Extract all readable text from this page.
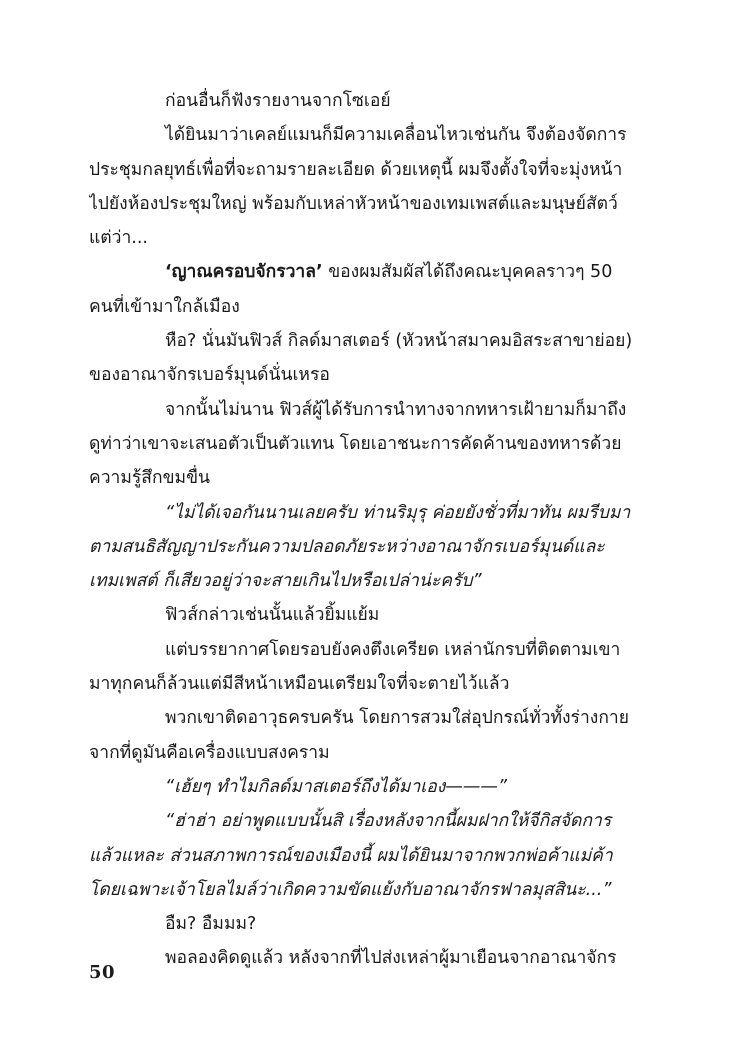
ก่อนอื่นก็ฟังรายงานจากโซเอย์
ได้ยินมาว่าเคลย์แมนก็มีความเคลื่อนไหวเช่นกัน จึงต้องจัดการ
ประชุมกลยุทธ์เพื่อที่จะถามรายละเอียด ด้วยเหตุนี้ ผมจึงตั้งใจที่จะมุ่งหน้า
ไปยังห้องประชุมใหญ่ พร้อมกับเหล่าหัวหน้าของเทมเพสต์และมนุษย์สัตว์
แต่ว่า...
‘ญาณครอบจักรวาล’ ของผมสัมผัสได้ถึงคณะบุคคลราวๆ 50
คนที่เข้ามาใกล้เมือง
หือ? นั่นมันฟิวส์ กิลด์มาสเตอร์ (หัวหน้าสมาคมอิสระสาขาย่อย)
ของอาณาจักรเบอร์มุนด์นั่นเหรอ
จากนั้นไม่นาน ฟิวส์ผู้ได้รับการนำทางจากทหารเฝ้ายามก็มาถึง
ดูท่าว่าเขาจะเสนอตัวเป็นตัวแทน โดยเอาชนะการคัดค้านของทหารด้วย
ความรู้สึกขมขื่น
“ไม่ได้เจอกันนานเลยครับ ท่านริมุรุ ค่อยยังชั่วที่มาทัน ผมรีบมา
ตามสนธิสัญญาประกันความปลอดภัยระหว่างอาณาจักรเบอร์มุนด์และ
เทมเพสต์ ก็เสียวอยู่ว่าจะสายเกินไปหรือเปล่าน่ะครับ”
ฟิวส์กล่าวเช่นนั้นแล้วยิ้มแย้ม
แต่บรรยากาศโดยรอบยังคงตึงเครียด เหล่านักรบที่ติดตามเขา
มาทุกคนก็ล้วนแต่มีสีหน้าเหมือนเตรียมใจที่จะตายไว้แล้ว
พวกเขาติดอาวุธครบครัน โดยการสวมใส่อุปกรณ์ทั่วทั้งร่างกาย
จากที่ดูมันคือเครื่องแบบสงคราม
“เฮ้ยๆ ทำไมกิลด์มาสเตอร์ถึงได้มาเอง———”
“ฮ่าฮ่า อย่าพูดแบบนั้นสิ เรื่องหลังจากนี้ผมฝากให้จีกิสจัดการ
แล้วแหละ ส่วนสภาพการณ์ของเมืองนี้ ผมได้ยินมาจากพวกพ่อค้าแม่ค้า
โดยเฉพาะเจ้าโยลไมล์ว่าเกิดความขัดแย้งกับอาณาจักรฟาลมุสสินะ...”
อืม? อืมมม?
พอลองคิดดูแล้ว หลังจากที่ไปส่งเหล่าผู้มาเยือนจากอาณาจักร
50
